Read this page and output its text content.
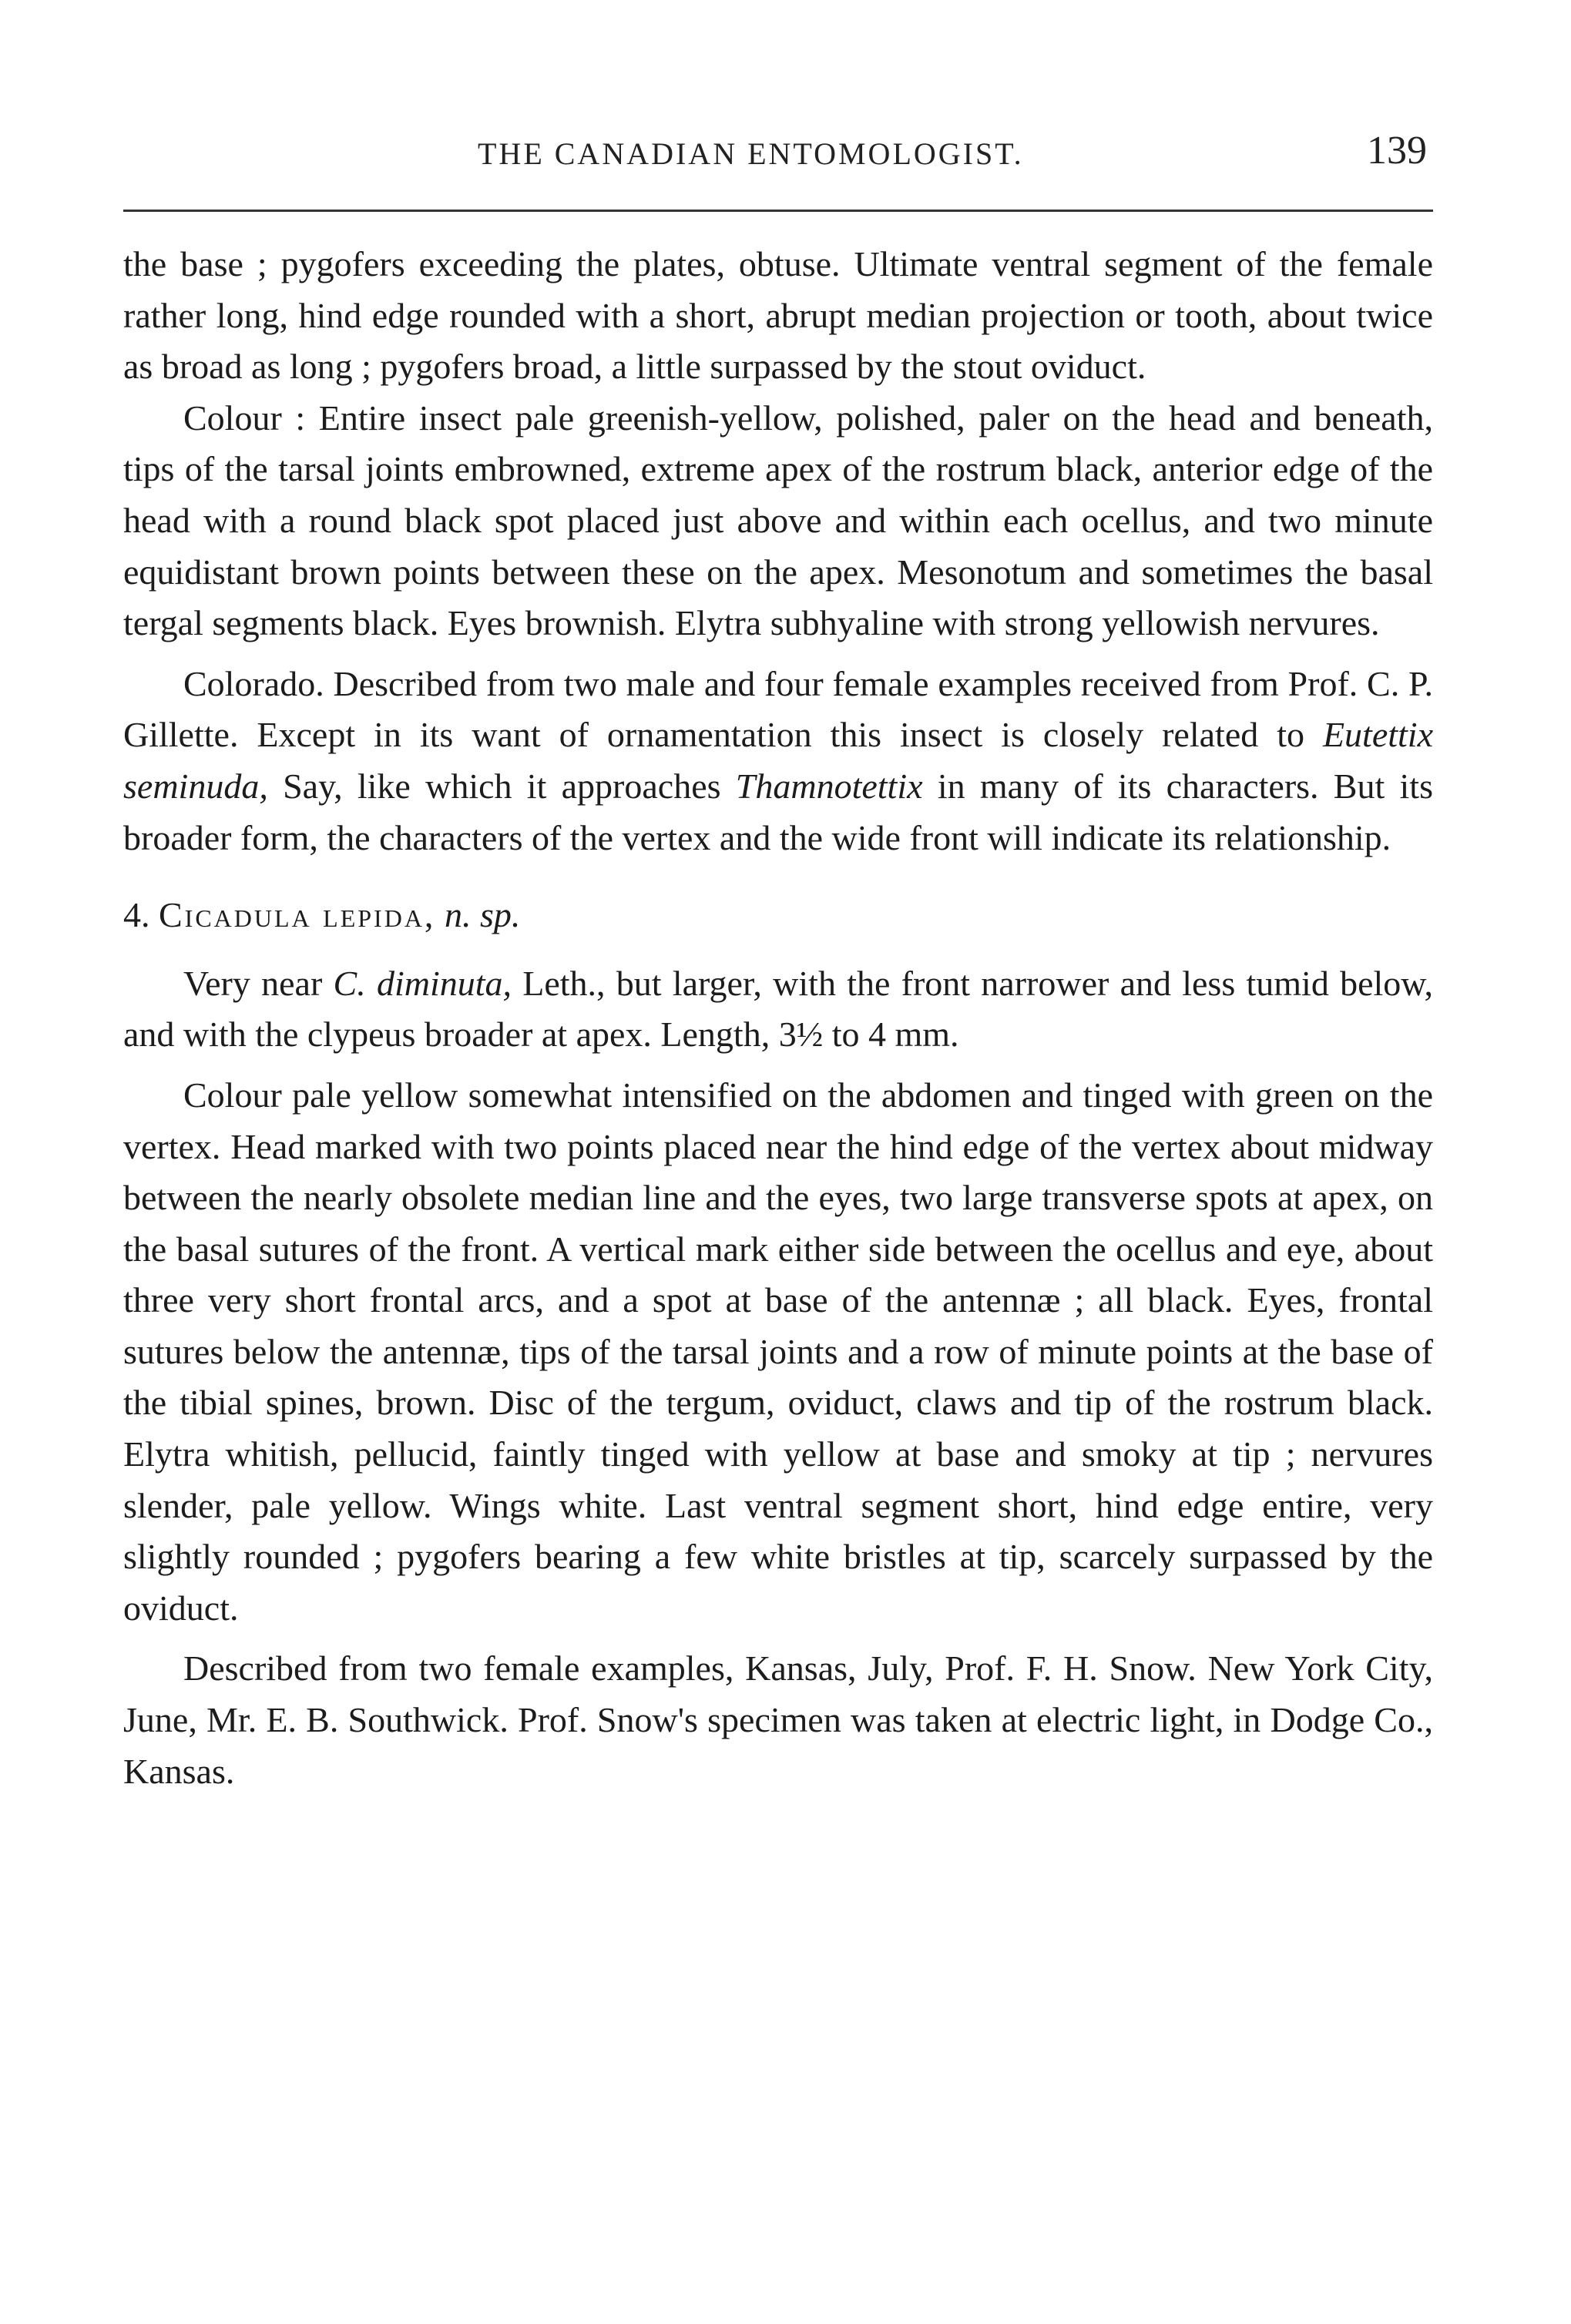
THE CANADIAN ENTOMOLOGIST.	139

the base ; pygofers exceeding the plates, obtuse. Ultimate ventral segment of the female rather long, hind edge rounded with a short, abrupt median projection or tooth, about twice as broad as long ; pygofers broad, a little surpassed by the stout oviduct.

Colour : Entire insect pale greenish-yellow, polished, paler on the head and beneath, tips of the tarsal joints embrowned, extreme apex of the rostrum black, anterior edge of the head with a round black spot placed just above and within each ocellus, and two minute equidistant brown points between these on the apex. Mesonotum and sometimes the basal tergal segments black. Eyes brownish. Elytra subhyaline with strong yellowish nervures.

Colorado. Described from two male and four female examples received from Prof. C. P. Gillette. Except in its want of ornamentation this insect is closely related to Eutettix seminuda, Say, like which it approaches Thamnotettix in many of its characters. But its broader form, the characters of the vertex and the wide front will indicate its relationship.

4. Cicadula lepida, n. sp.

Very near C. diminuta, Leth., but larger, with the front narrower and less tumid below, and with the clypeus broader at apex. Length, 3½ to 4 mm.

Colour pale yellow somewhat intensified on the abdomen and tinged with green on the vertex. Head marked with two points placed near the hind edge of the vertex about midway between the nearly obsolete median line and the eyes, two large transverse spots at apex, on the basal sutures of the front. A vertical mark either side between the ocellus and eye, about three very short frontal arcs, and a spot at base of the antennæ ; all black. Eyes, frontal sutures below the antennæ, tips of the tarsal joints and a row of minute points at the base of the tibial spines, brown. Disc of the tergum, oviduct, claws and tip of the rostrum black. Elytra whitish, pellucid, faintly tinged with yellow at base and smoky at tip ; nervures slender, pale yellow. Wings white. Last ventral segment short, hind edge entire, very slightly rounded ; pygofers bearing a few white bristles at tip, scarcely surpassed by the oviduct.

Described from two female examples, Kansas, July, Prof. F. H. Snow. New York City, June, Mr. E. B. Southwick. Prof. Snow's specimen was taken at electric light, in Dodge Co., Kansas.
